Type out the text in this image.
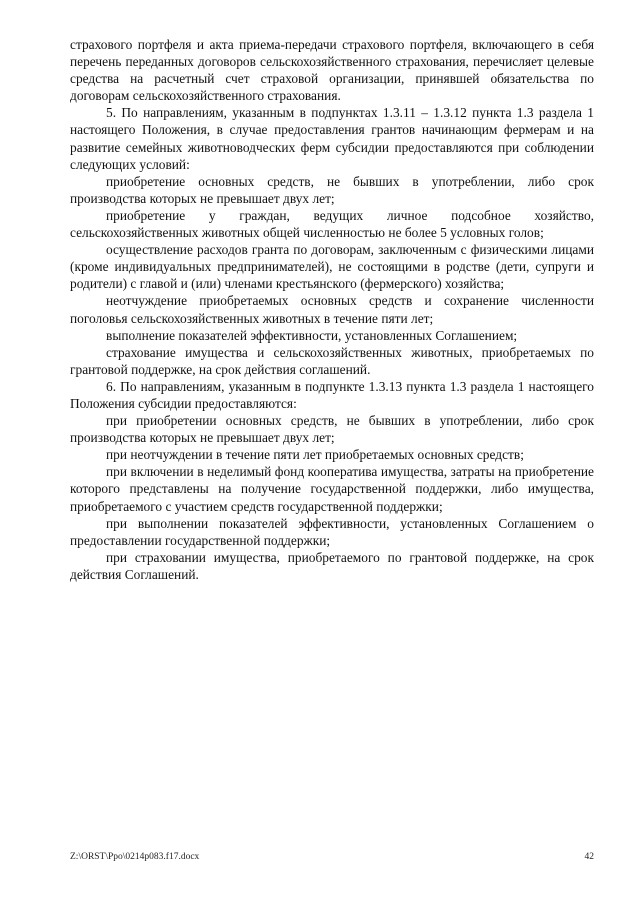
страхового портфеля и акта приема-передачи страхового портфеля, включающего в себя перечень переданных договоров сельскохозяйственного страхования, перечисляет целевые средства на расчетный счет страховой организации, принявшей обязательства по договорам сельскохозяйственного страхования.

5. По направлениям, указанным в подпунктах 1.3.11 – 1.3.12 пункта 1.3 раздела 1 настоящего Положения, в случае предоставления грантов начинающим фермерам и на развитие семейных животноводческих ферм субсидии предоставляются при соблюдении следующих условий:

приобретение основных средств, не бывших в употреблении, либо срок производства которых не превышает двух лет;

приобретение у граждан, ведущих личное подсобное хозяйство, сельскохозяйственных животных общей численностью не более 5 условных голов;

осуществление расходов гранта по договорам, заключенным с физическими лицами (кроме индивидуальных предпринимателей), не состоящими в родстве (дети, супруги и родители) с главой и (или) членами крестьянского (фермерского) хозяйства;

неотчуждение приобретаемых основных средств и сохранение численности поголовья сельскохозяйственных животных в течение пяти лет;

выполнение показателей эффективности, установленных Соглашением;

страхование имущества и сельскохозяйственных животных, приобретаемых по грантовой поддержке, на срок действия соглашений.

6. По направлениям, указанным в подпункте 1.3.13 пункта 1.3 раздела 1 настоящего Положения субсидии предоставляются:

при приобретении основных средств, не бывших в употреблении, либо срок производства которых не превышает двух лет;

при неотчуждении в течение пяти лет приобретаемых основных средств;

при включении в неделимый фонд кооператива имущества, затраты на приобретение которого представлены на получение государственной поддержки, либо имущества, приобретаемого с участием средств государственной поддержки;

при выполнении показателей эффективности, установленных Соглашением о предоставлении государственной поддержки;

при страховании имущества, приобретаемого по грантовой поддержке, на срок действия Соглашений.

Z:\ORST\Ppo\0214p083.f17.docx	42
